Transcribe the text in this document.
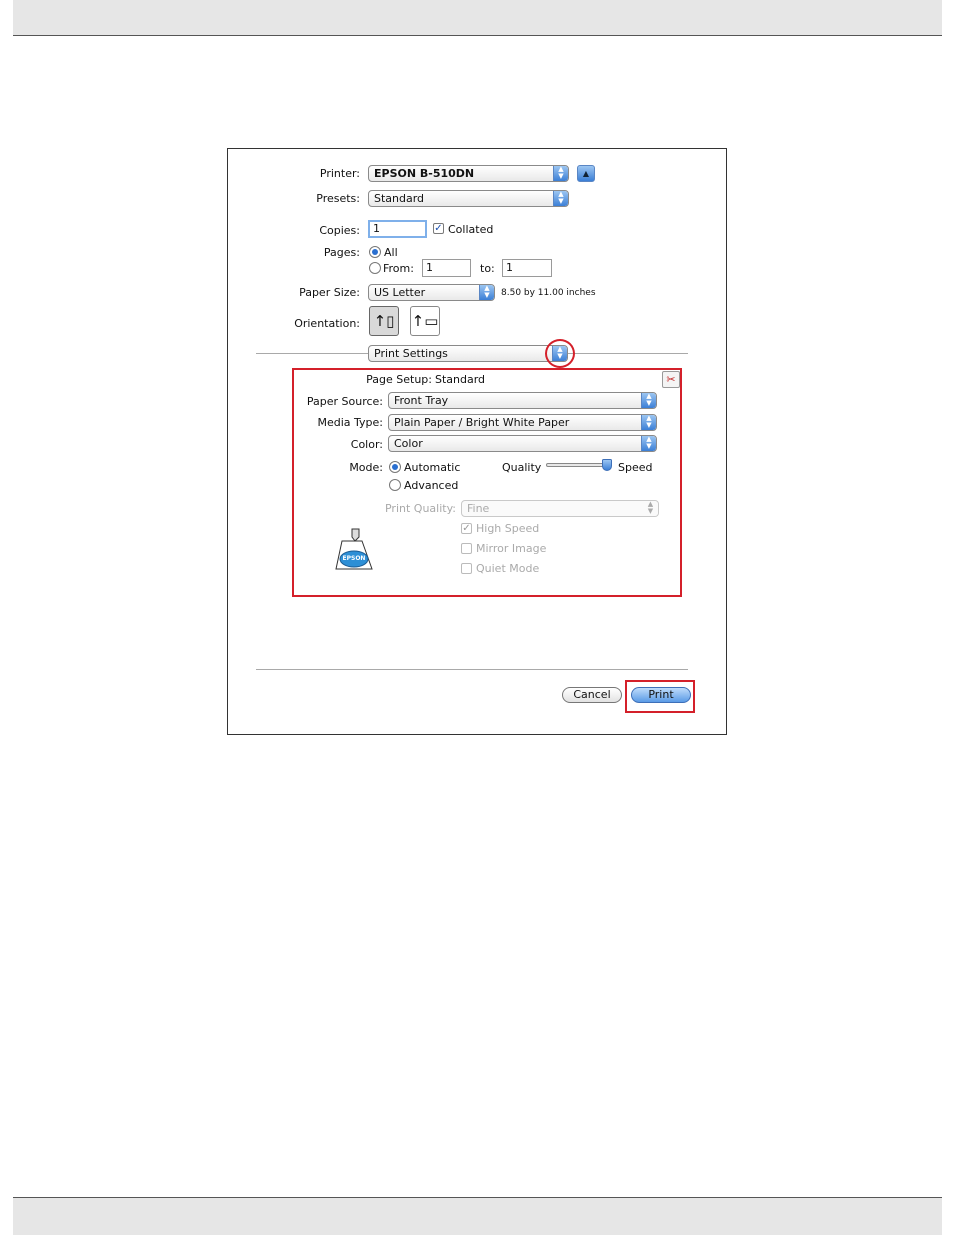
Printer:	EPSON B-510DN	▲
▼	▲
Presets:	Standard	▲
▼
Copies:	1	✓ Collated
Pages: All
From:	1	to:	1
Paper Size:	US Letter	▲
▼	8.50 by 11.00 inches
Orientation: ↑▯	↑▭
Print Settings	▲
▼
Page Setup: Standard	✂
Paper Source:	Front Tray	▲
▼
Media Type:	Plain Paper / Bright White Paper	▲
▼
Color:	Color	▲
▼
Mode: Automatic
Advanced
Quality	Speed
Print Quality:	Fine	▲
▼
✓ High Speed
Mirror Image
Quiet Mode
EPSON
Cancel	Print
